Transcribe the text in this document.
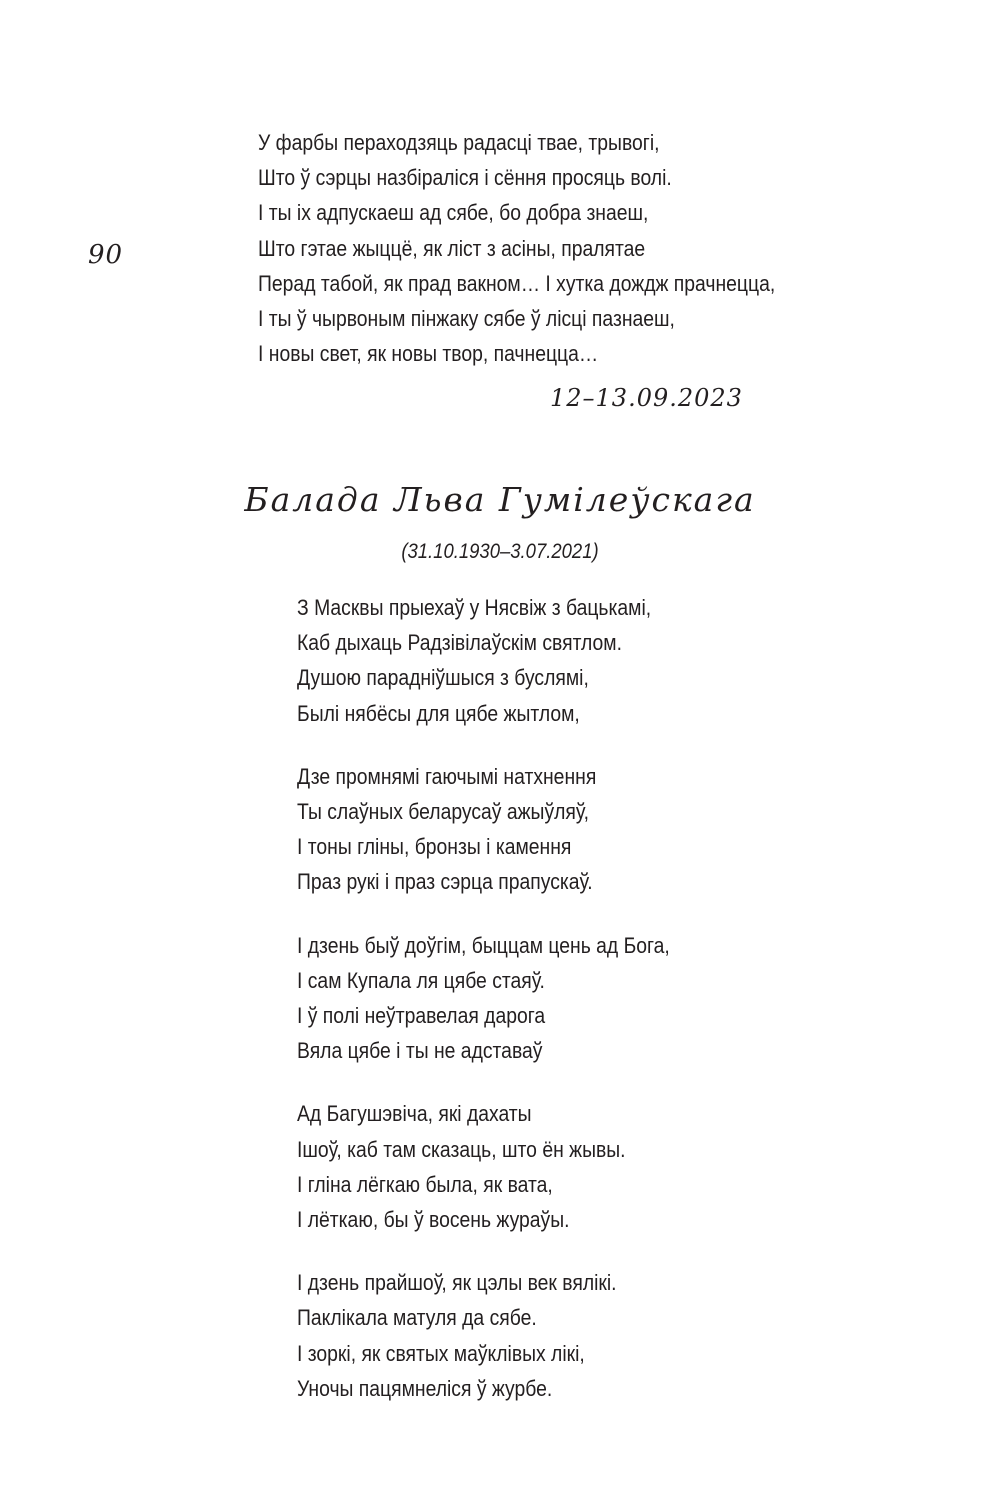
90
У фарбы пераходзяць радасці твае, трывогі,
Што ў сэрцы назбіраліся і сёння просяць волі.
І ты іх адпускаеш ад сябе, бо добра знаеш,
Што гэтае жыццё, як ліст з асіны, пралятае
Перад табой, як прад вакном… І хутка дождж прачнецца,
І ты ў чырвоным пінжаку сябе ў лісці пазнаеш,
І новы свет, як новы твор, пачнецца…
12–13.09.2023
Балада Льва Гумілеўскага
(31.10.1930–3.07.2021)
З Масквы прыехаў у Нясвіж з бацькамі,
Каб дыхаць Радзівілаўскім святлом.
Душою парадніўшыся з буслямі,
Былі нябёсы для цябе жытлом,
Дзе промнямі гаючымі натхнення
Ты слаўных беларусаў ажыўляў,
І тоны гліны, бронзы і камення
Праз рукі і праз сэрца прапускаў.
І дзень быў доўгім, быццам цень ад Бога,
І сам Купала ля цябе стаяў.
І ў полі неўтравелая дарога
Вяла цябе і ты не адставаў
Ад Багушэвіча, які дахаты
Ішоў, каб там сказаць, што ён жывы.
І гліна лёгкаю была, як вата,
І лёткаю, бы ў восень жураўы.
І дзень прайшоў, як цэлы век вялікі.
Паклікала матуля да сябе.
І зоркі, як святых маўклівых лікі,
Уночы пацямнеліся ў журбе.
